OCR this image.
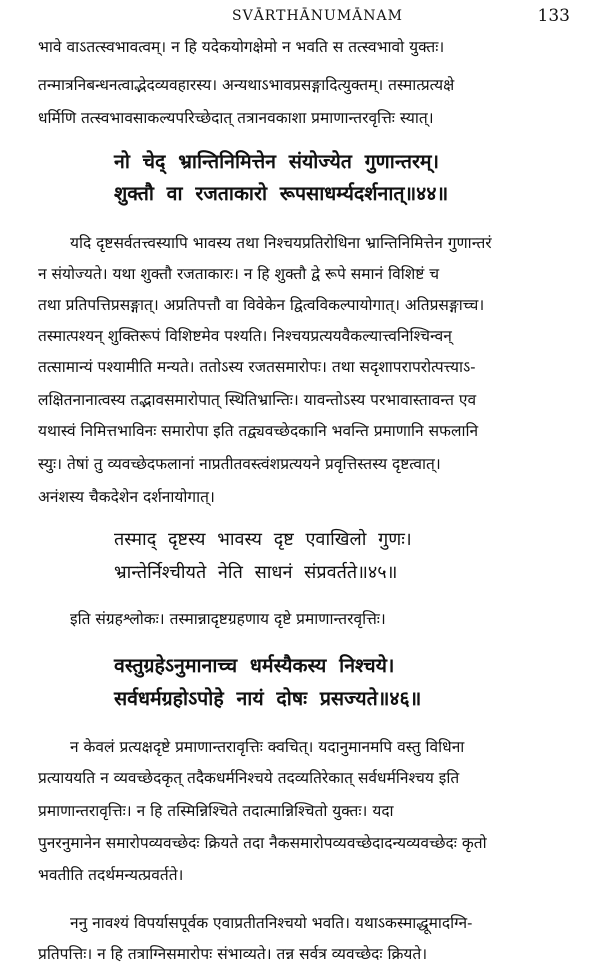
SVĀRTHĀNUMĀNAM	133
भावे वाऽतत्स्वभावत्वम्। न हि यदेकयोगक्षेमो न भवति स तत्स्वभावो युक्तः।
तन्मात्रनिबन्धनत्वाद्भेदव्यवहारस्य। अन्यथाऽभावप्रसङ्गादित्युक्तम्। तस्मात्प्रत्यक्षे
धर्मिणि तत्स्वभावसाकल्यपरिच्छेदात् तत्रानवकाशा प्रमाणान्तरवृत्तिः स्यात्।
नो चेद् भ्रान्तिनिमित्तेन संयोज्येत गुणान्तरम्।
शुक्तौ वा रजताकारो रूपसाधर्म्यदर्शनात्॥४४॥
यदि दृष्टसर्वतत्त्वस्यापि भावस्य तथा निश्चयप्रतिरोधिना भ्रान्तिनिमित्तेन गुणान्तरं
न संयोज्यते। यथा शुक्तौ रजताकारः। न हि शुक्तौ द्वे रूपे समानं विशिष्टं च
तथा प्रतिपत्तिप्रसङ्गात्। अप्रतिपत्तौ वा विवेकेन द्वित्वविकल्पायोगात्। अतिप्रसङ्गाच्च।
तस्मात्पश्यन् शुक्तिरूपं विशिष्टमेव पश्यति। निश्चयप्रत्ययवैकल्यात्त्वनिश्चिन्वन्
तत्सामान्यं पश्यामीति मन्यते। ततोऽस्य रजतसमारोपः। तथा सदृशापरापरोत्पत्त्याऽ-
लक्षितनानात्वस्य तद्भावसमारोपात् स्थितिभ्रान्तिः। यावन्तोऽस्य परभावास्तावन्त एव
यथास्वं निमित्तभाविनः समारोपा इति तद्व्यवच्छेदकानि भवन्ति प्रमाणानि सफलानि
स्युः। तेषां तु व्यवच्छेदफलानां नाप्रतीतवस्त्वंशप्रत्ययने प्रवृत्तिस्तस्य दृष्टत्वात्।
अनंशस्य चैकदेशेन दर्शनायोगात्।
तस्माद् दृष्टस्य भावस्य दृष्ट एवाखिलो गुणः।
भ्रान्तेर्निश्चीयते नेति साधनं संप्रवर्तते॥४५॥
इति संग्रहश्लोकः। तस्मान्नादृष्टग्रहणाय दृष्टे प्रमाणान्तरवृत्तिः।
वस्तुग्रहेऽनुमानाच्च धर्मस्यैकस्य निश्चये।
सर्वधर्मग्रहोऽपोहे नायं दोषः प्रसज्यते॥४६॥
न केवलं प्रत्यक्षदृष्टे प्रमाणान्तरावृत्तिः क्वचित्। यदानुमानमपि वस्तु विधिना
प्रत्याययति न व्यवच्छेदकृत् तदैकधर्मनिश्चये तदव्यतिरेकात् सर्वधर्मनिश्चय इति
प्रमाणान्तरावृत्तिः। न हि तस्मिन्निश्चिते तदात्मान्निश्चितो युक्तः। यदा
पुनरनुमानेन समारोपव्यवच्छेदः क्रियते तदा नैकसमारोपव्यवच्छेदादन्यव्यवच्छेदः कृतो
भवतीति तदर्थमन्यत्प्रवर्तते।
ननु नावश्यं विपर्यासपूर्वक एवाप्रतीतनिश्चयो भवति। यथाऽकस्माद्धूमादग्नि-
प्रतिपत्तिः। न हि तत्राग्निसमारोपः संभाव्यते। तन्न सर्वत्र व्यवच्छेदः क्रियते।
